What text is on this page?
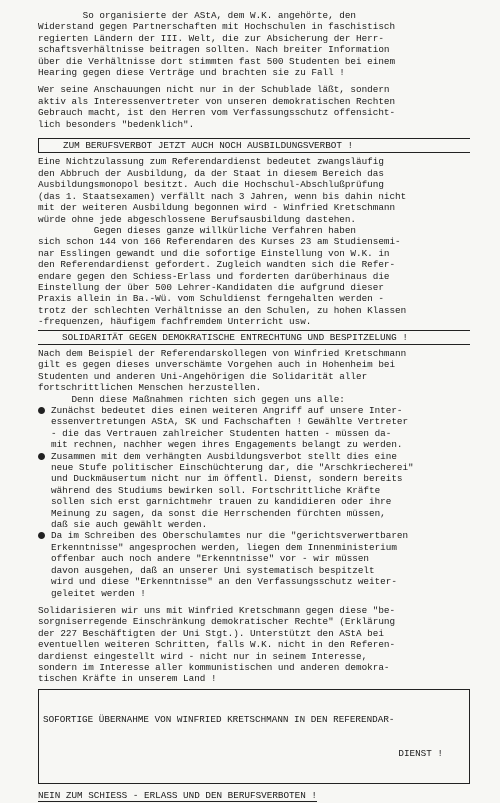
So organisierte der AStA, dem W.K. angehörte, den

Widerstand gegen Partnerschaften mit Hochschulen in faschistisch

regierten Ländern der III. Welt, die zur Absicherung der Herr-

schaftsverhältnisse beitragen sollten. Nach breiter Information

über die Verhältnisse dort stimmten fast 500 Studenten bei einem

Hearing gegen diese Verträge und brachten sie zu Fall !

Wer seine Anschauungen nicht nur in der Schublade läßt, sondern

aktiv als Interessenvertreter von unseren demokratischen Rechten

Gebrauch macht, ist den Herren vom Verfassungsschutz offensicht-

lich besonders "bedenklich".

ZUM BERUFSVERBOT JETZT AUCH NOCH AUSBILDUNGSVERBOT !

Eine Nichtzulassung zum Referendardienst bedeutet zwangsläufig

den Abbruch der Ausbildung, da der Staat in diesem Bereich das

Ausbildungsmonopol besitzt. Auch die Hochschul-Abschlußprüfung

(das 1. Staatsexamen) verfällt nach 3 Jahren, wenn bis dahin nicht

mit der weiteren Ausbildung begonnen wird - Winfried Kretschmann

würde ohne jede abgeschlossene Berufsausbildung dastehen.

Gegen dieses ganze willkürliche Verfahren haben

sich schon 144 von 166 Referendaren des Kurses 23 am Studiensemi-

nar Esslingen gewandt und die sofortige Einstellung von W.K. in

den Referendardienst gefordert. Zugleich wandten sich die Refer-

endare gegen den Schiess-Erlass und forderten darüberhinaus die

Einstellung der über 500 Lehrer-Kandidaten die aufgrund dieser

Praxis allein in Ba.-Wü. vom Schuldienst ferngehalten werden -

trotz der schlechten Verhältnisse an den Schulen, zu hohen Klassen

-frequenzen, häufigem fachfremdem Unterricht usw.

SOLIDARITÄT GEGEN DEMOKRATISCHE ENTRECHTUNG UND BESPITZELUNG !

Nach dem Beispiel der Referendarskollegen von Winfried Kretschmann

gilt es gegen dieses unverschämte Vorgehen auch in Hohenheim bei

Studenten und anderen Uni-Angehörigen die Solidarität aller

fortschrittlichen Menschen herzustellen.

Denn diese Maßnahmen richten sich gegen uns alle:

Zunächst bedeutet dies einen weiteren Angriff auf unsere Inter-

essenvertretungen AStA, SK und Fachschaften ! Gewählte Vertreter

- die das Vertrauen zahlreicher Studenten hatten - müssen da-

mit rechnen, nachher wegen ihres Engagements belangt zu werden.

Zusammen mit dem verhängten Ausbildungsverbot stellt dies eine

neue Stufe politischer Einschüchterung dar, die "Arschkriecherei"

und Duckmäusertum nicht nur im öffentl. Dienst, sondern bereits

während des Studiums bewirken soll. Fortschrittliche Kräfte

sollen sich erst garnichtmehr trauen zu kandidieren oder ihre

Meinung zu sagen, da sonst die Herrschenden fürchten müssen,

daß sie auch gewählt werden.

Da im Schreiben des Oberschulamtes nur die "gerichtsverwertbaren

Erkenntnisse" angesprochen werden, liegen dem Innenministerium

offenbar auch noch andere "Erkenntnisse" vor - wir müssen

davon ausgehen, daß an unserer Uni systematisch bespitzelt

wird und diese "Erkenntnisse" an den Verfassungsschutz weiter-

geleitet werden !

Solidarisieren wir uns mit Winfried Kretschmann gegen diese "be-

sorgniserregende Einschränkung demokratischer Rechte" (Erklärung

der 227 Beschäftigten der Uni Stgt.). Unterstützt den AStA bei

eventuellen weiteren Schritten, falls W.K. nicht in den Referen-

dardienst eingestellt wird - nicht nur in seinem Interesse,

sondern im Interesse aller kommunistischen und anderen demokra-

tischen Kräfte in unserem Land !

SOFORTIGE ÜBERNAHME VON WINFRIED KRETSCHMANN IN DEN REFERENDAR-

DIENST !

NEIN ZUM SCHIESS - ERLASS UND DEN BERUFSVERBOTEN !
